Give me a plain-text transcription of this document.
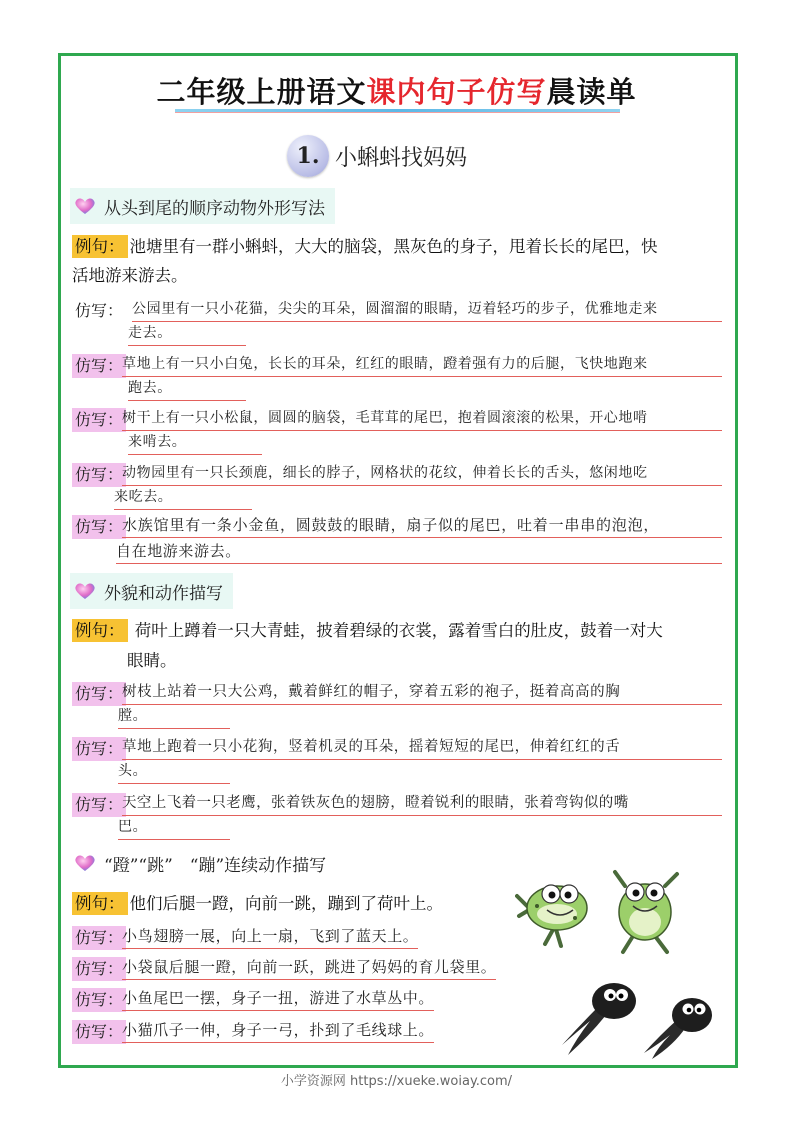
二年级上册语文课内句子仿写晨读单
1. 小蝌蚪找妈妈
从头到尾的顺序动物外形写法
例句： 池塘里有一群小蝌蚪，大大的脑袋，黑灰色的身子，甩着长长的尾巴，快
活地游来游去。
仿写： 公园里有一只小花猫，尖尖的耳朵，圆溜溜的眼睛，迈着轻巧的步子，优雅地走来
走去。
仿写：
草地上有一只小白兔，长长的耳朵，红红的眼睛，蹬着强有力的后腿，飞快地跑来
跑去。
仿写：
树干上有一只小松鼠，圆圆的脑袋，毛茸茸的尾巴，抱着圆滚滚的松果，开心地啃
来啃去。
仿写：
动物园里有一只长颈鹿，细长的脖子，网格状的花纹，伸着长长的舌头，悠闲地吃
来吃去。
仿写：
水族馆里有一条小金鱼，圆鼓鼓的眼睛，扇子似的尾巴，吐着一串串的泡泡，
自在地游来游去。
外貌和动作描写
例句： 荷叶上蹲着一只大青蛙，披着碧绿的衣裳，露着雪白的肚皮，鼓着一对大
眼睛。
仿写：
树枝上站着一只大公鸡，戴着鲜红的帽子，穿着五彩的袍子，挺着高高的胸
膛。
仿写：
草地上跑着一只小花狗，竖着机灵的耳朵，摇着短短的尾巴，伸着红红的舌
头。
仿写：
天空上飞着一只老鹰，张着铁灰色的翅膀，瞪着锐利的眼睛，张着弯钩似的嘴
巴。
“蹬”“跳”　“蹦”连续动作描写
例句： 他们后腿一蹬，向前一跳，蹦到了荷叶上。
仿写：
小鸟翅膀一展，向上一扇，飞到了蓝天上。
仿写：
小袋鼠后腿一蹬，向前一跃，跳进了妈妈的育儿袋里。
仿写：
小鱼尾巴一摆，身子一扭，游进了水草丛中。
仿写：
小猫爪子一伸，身子一弓，扑到了毛线球上。
小学资源网 https://xueke.woiay.com/
